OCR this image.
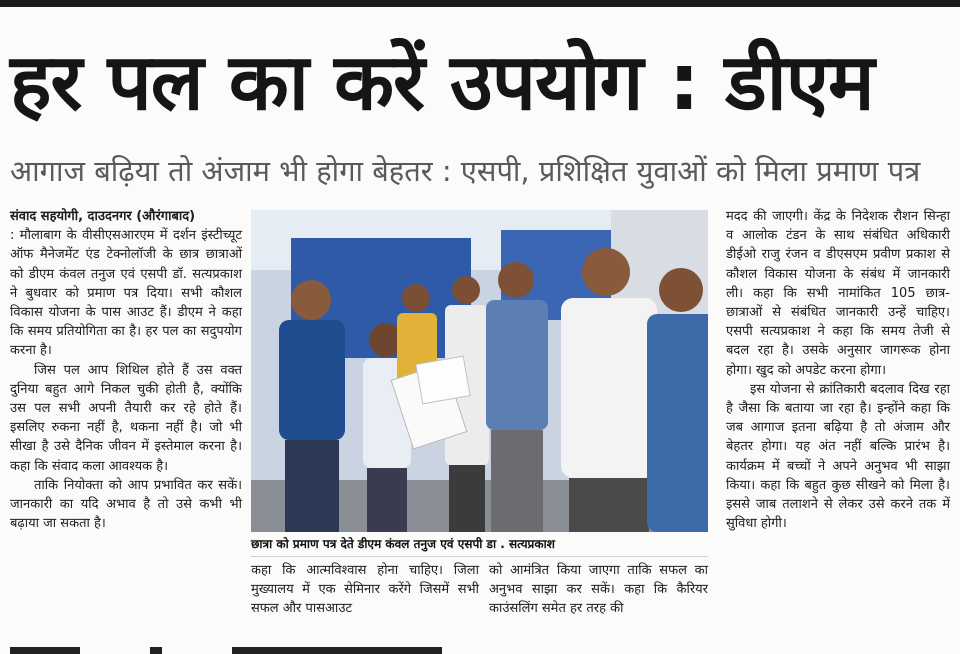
हर पल का करें उपयोग : डीएम
आगाज बढ़िया तो अंजाम भी होगा बेहतर : एसपी, प्रशिक्षित युवाओं को मिला प्रमाण पत्र

संवाद सहयोगी, दाउदनगर (औरंगाबाद)

: मौलाबाग के वीसीएसआरएम में दर्शन इंस्टीच्यूट ऑफ मैनेजमेंट एंड टेक्नोलॉजी के छात्र छात्राओं को डीएम कंवल तनुज एवं एसपी डॉ. सत्यप्रकाश ने बुधवार को प्रमाण पत्र दिया। सभी कौशल विकास योजना के पास आउट हैं। डीएम ने कहा कि समय प्रतियोगिता का है। हर पल का सदुपयोग करना है।

जिस पल आप शिथिल होते हैं उस वक्त दुनिया बहुत आगे निकल चुकी होती है, क्योंकि उस पल सभी अपनी तैयारी कर रहे होते हैं। इसलिए रुकना नहीं है, थकना नहीं है। जो भी सीखा है उसे दैनिक जीवन में इस्तेमाल करना है। कहा कि संवाद कला आवश्यक है।

ताकि नियोक्ता को आप प्रभावित कर सकें। जानकारी का यदि अभाव है तो उसे कभी भी बढ़ाया जा सकता है।

छात्रा को प्रमाण पत्र देते डीएम कंवल तनुज एवं एसपी डा . सत्यप्रकाश
कहा कि आत्मविश्वास होना चाहिए। जिला मुख्यालय में एक सेमिनार करेंगे जिसमें सभी सफल और पासआउट
को आमंत्रित किया जाएगा ताकि सफल का अनुभव साझा कर सकें। कहा कि कैरियर काउंसलिंग समेत हर तरह की

मदद की जाएगी। केंद्र के निदेशक रौशन सिन्हा व आलोक टंडन के साथ संबंधित अधिकारी डीईओ राजु रंजन व डीएसएम प्रवीण प्रकाश से कौशल विकास योजना के संबंध में जानकारी ली। कहा कि सभी नामांकित 105 छात्र-छात्राओं से संबंधित जानकारी उन्हें चाहिए। एसपी सत्यप्रकाश ने कहा कि समय तेजी से बदल रहा है। उसके अनुसार जागरूक होना होगा। खुद को अपडेट करना होगा।

इस योजना से क्रांतिकारी बदलाव दिख रहा है जैसा कि बताया जा रहा है। इन्होंने कहा कि जब आगाज इतना बढ़िया है तो अंजाम और बेहतर होगा। यह अंत नहीं बल्कि प्रारंभ है। कार्यक्रम में बच्चों ने अपने अनुभव भी साझा किया। कहा कि बहुत कुछ सीखने को मिला है। इससे जाब तलाशने से लेकर उसे करने तक में सुविधा होगी।
